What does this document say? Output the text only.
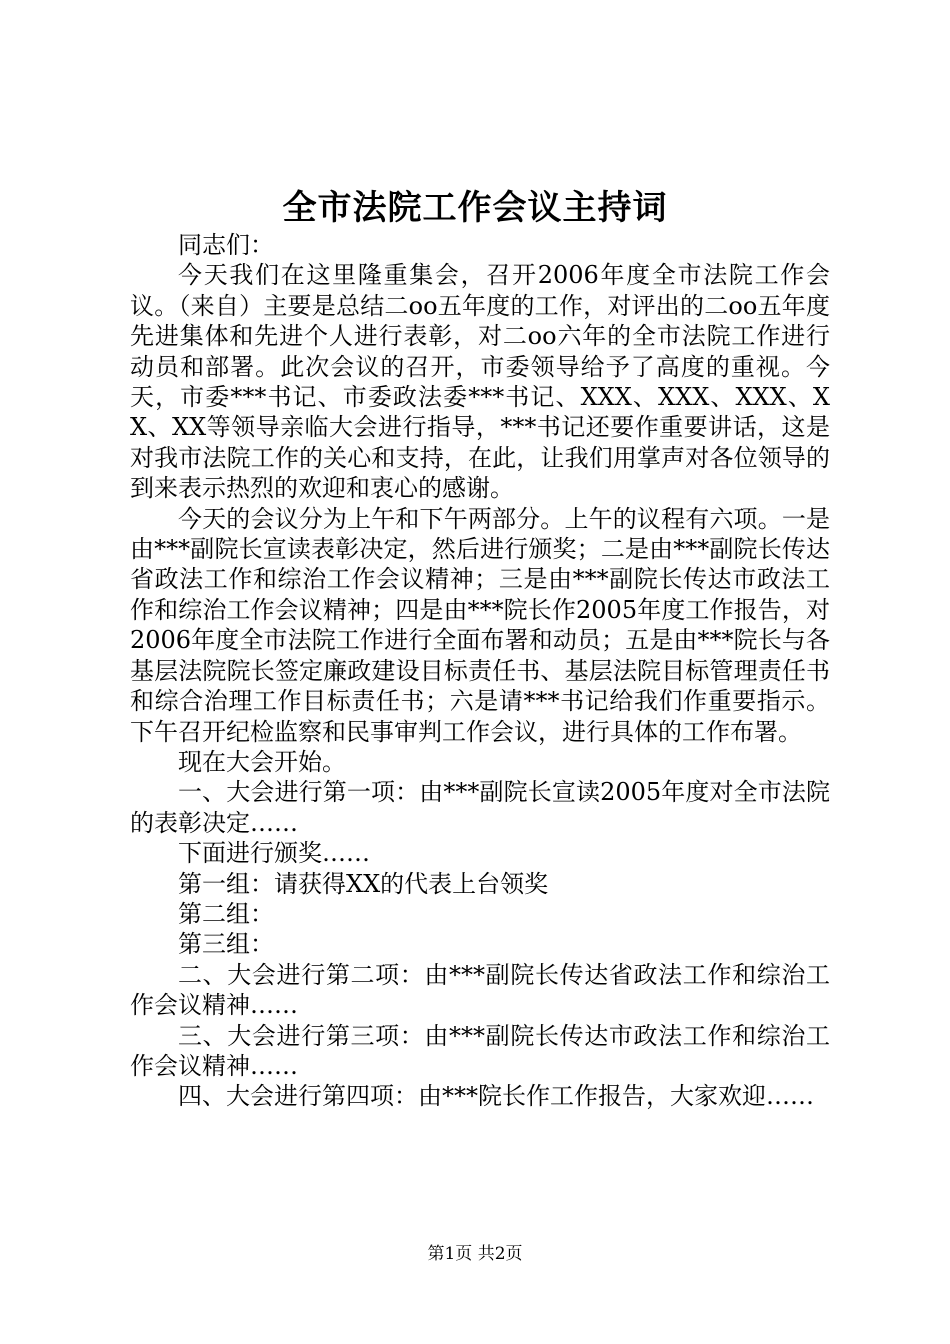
全市法院工作会议主持词

同志们：

今天我们在这里隆重集会，召开2006年度全市法院工作会议。（来自）主要是总结二oo五年度的工作，对评出的二oo五年度先进集体和先进个人进行表彰，对二oo六年的全市法院工作进行动员和部署。此次会议的召开，市委领导给予了高度的重视。今天，市委***书记、市委政法委***书记、XXX、XXX、XXX、XX、XX等领导亲临大会进行指导，***书记还要作重要讲话，这是对我市法院工作的关心和支持，在此，让我们用掌声对各位领导的到来表示热烈的欢迎和衷心的感谢。

今天的会议分为上午和下午两部分。上午的议程有六项。一是由***副院长宣读表彰决定，然后进行颁奖；二是由***副院长传达省政法工作和综治工作会议精神；三是由***副院长传达市政法工作和综治工作会议精神；四是由***院长作2005年度工作报告，对2006年度全市法院工作进行全面布署和动员；五是由***院长与各基层法院院长签定廉政建设目标责任书、基层法院目标管理责任书和综合治理工作目标责任书；六是请***书记给我们作重要指示。下午召开纪检监察和民事审判工作会议，进行具体的工作布署。

现在大会开始。

一、大会进行第一项：由***副院长宣读2005年度对全市法院的表彰决定……

下面进行颁奖……

第一组：请获得XX的代表上台领奖

第二组：

第三组：

二、大会进行第二项：由***副院长传达省政法工作和综治工作会议精神……

三、大会进行第三项：由***副院长传达市政法工作和综治工作会议精神……

四、大会进行第四项：由***院长作工作报告，大家欢迎……

第1页 共2页
